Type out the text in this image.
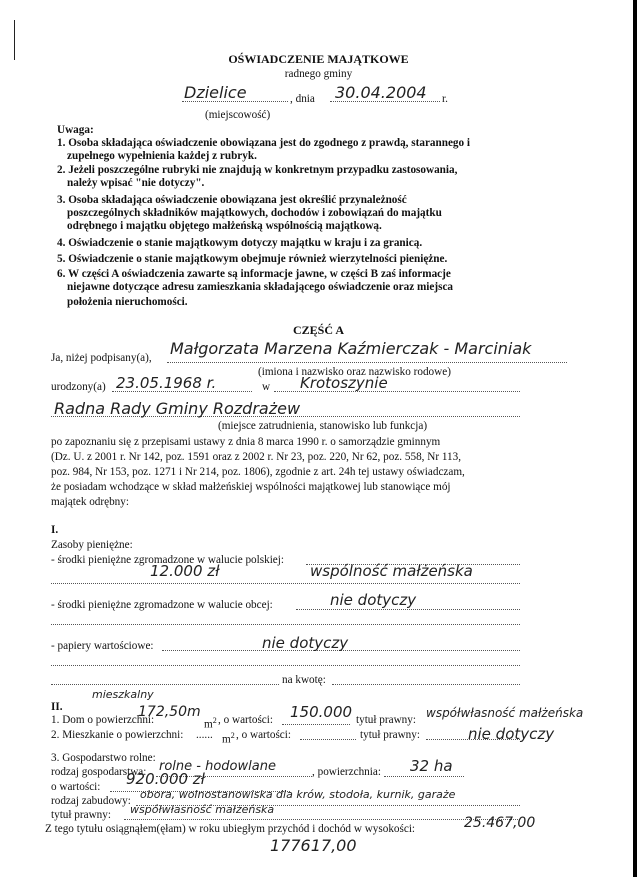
OŚWIADCZENIE MAJĄTKOWE
radnego gminy
Dzielice	, dnia 30.04.2004 r.
(miejscowość)
Uwaga:
1. Osoba składająca oświadczenie obowiązana jest do zgodnego z prawdą, starannego i
zupełnego wypełnienia każdej z rubryk.
2. Jeżeli poszczególne rubryki nie znajdują w konkretnym przypadku zastosowania,
należy wpisać "nie dotyczy".
3. Osoba składająca oświadczenie obowiązana jest określić przynależność
poszczególnych składników majątkowych, dochodów i zobowiązań do majątku
odrębnego i majątku objętego małżeńską wspólnością majątkową.
4. Oświadczenie o stanie majątkowym dotyczy majątku w kraju i za granicą.
5. Oświadczenie o stanie majątkowym obejmuje również wierzytelności pieniężne.
6. W części A oświadczenia zawarte są informacje jawne, w części B zaś informacje
niejawne dotyczące adresu zamieszkania składającego oświadczenie oraz miejsca
położenia nieruchomości.
CZĘŚĆ A
Ja, niżej podpisany(a), Małgorzata Marzena Kaźmierczak - Marciniak
(imiona i nazwisko oraz nazwisko rodowe)
urodzony(a) 23.05.1968 r.	w Krotoszynie
Radna Rady Gminy Rozdrażew
(miejsce zatrudnienia, stanowisko lub funkcja)
po zapoznaniu się z przepisami ustawy z dnia 8 marca 1990 r. o samorządzie gminnym
(Dz. U. z 2001 r. Nr 142, poz. 1591 oraz z 2002 r. Nr 23, poz. 220, Nr 62, poz. 558, Nr 113,
poz. 984, Nr 153, poz. 1271 i Nr 214, poz. 1806), zgodnie z art. 24h tej ustawy oświadczam,
że posiadam wchodzące w skład małżeńskiej wspólności majątkowej lub stanowiące mój
majątek odrębny:
I.
Zasoby pieniężne:
- środki pieniężne zgromadzone w walucie polskiej:
12.000 zł	wspólność małżeńska
- środki pieniężne zgromadzone w walucie obcej:	nie dotyczy
- papiery wartościowe:	nie dotyczy
na kwotę:
II.
mieszkalny
1. Dom o powierzchni:
172,50m
$m^2$ , o wartości: 150.000 tytuł prawny: współwłasność małżeńska
2. Mieszkanie o powierzchni: ...... $m^2$ , o wartości:	tytuł prawny:	nie dotyczy
3. Gospodarstwo rolne:
rodzaj gospodarstwa: rolne - hodowlane	, powierzchnia: 32 ha
o wartości: 920.000 zł
rodzaj zabudowy: obora, wolnostanowiska dla krów, stodoła, kurnik, garaże
tytuł prawny: współwłasność małżeńska
Z tego tytułu osiągnąłem(ęłam) w roku ubiegłym przychód i dochód w wysokości:	25.467,00
177617,00
